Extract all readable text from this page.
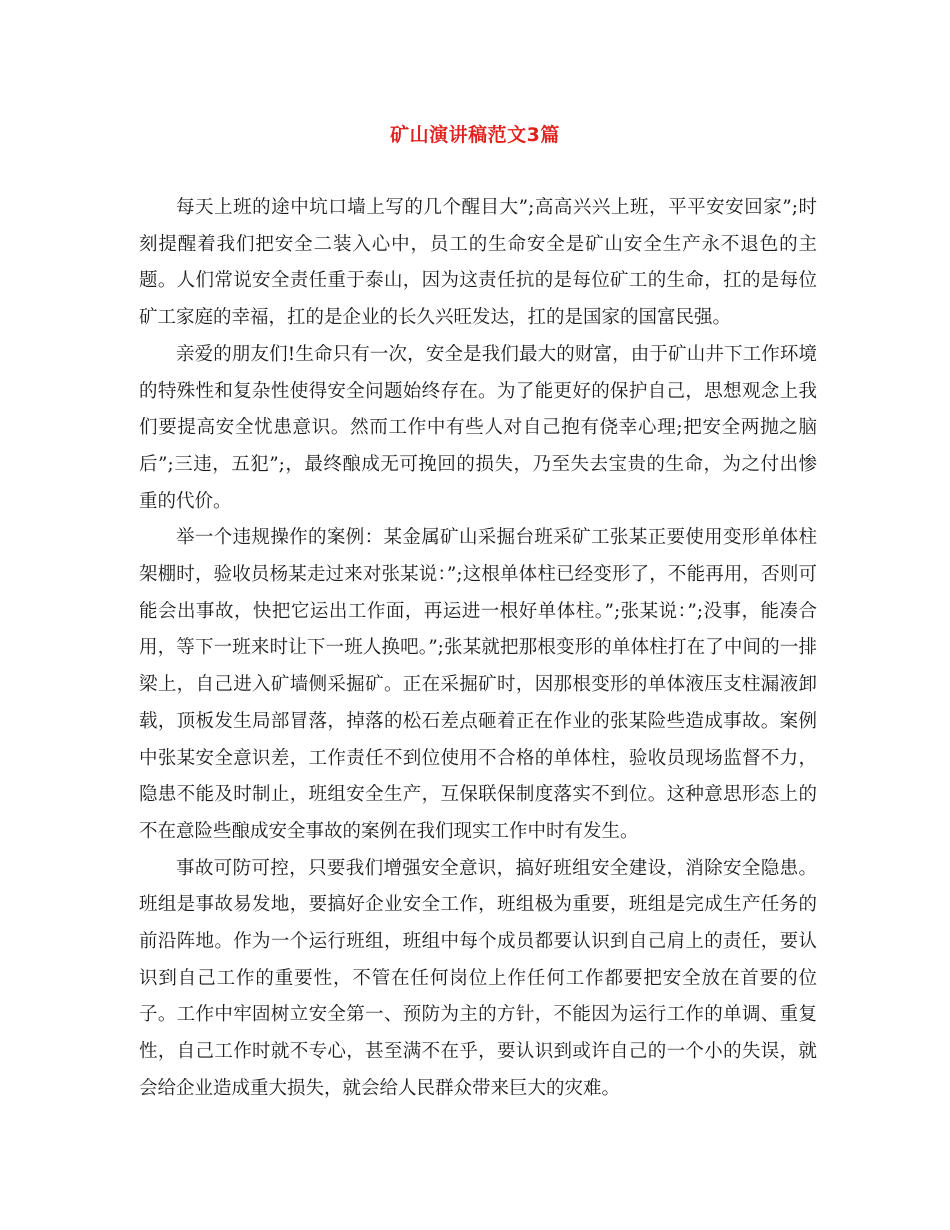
矿山演讲稿范文3篇

每天上班的途中坑口墙上写的几个醒目大”;高高兴兴上班，平平安安回家”;时刻提醒着我们把安全二装入心中，员工的生命安全是矿山安全生产永不退色的主题。人们常说安全责任重于泰山，因为这责任抗的是每位矿工的生命，扛的是每位矿工家庭的幸福，扛的是企业的长久兴旺发达，扛的是国家的国富民强。

亲爱的朋友们!生命只有一次，安全是我们最大的财富，由于矿山井下工作环境的特殊性和复杂性使得安全问题始终存在。为了能更好的保护自己，思想观念上我们要提高安全忧患意识。然而工作中有些人对自己抱有侥幸心理;把安全两抛之脑后”;三违，五犯”;，最终酿成无可挽回的损失，乃至失去宝贵的生命，为之付出惨重的代价。

举一个违规操作的案例：某金属矿山采掘台班采矿工张某正要使用变形单体柱架棚时，验收员杨某走过来对张某说：”;这根单体柱已经变形了，不能再用，否则可能会出事故，快把它运出工作面，再运进一根好单体柱。”;张某说：”;没事，能凑合用，等下一班来时让下一班人换吧。”;张某就把那根变形的单体柱打在了中间的一排梁上，自己进入矿墙侧采掘矿。正在采掘矿时，因那根变形的单体液压支柱漏液卸载，顶板发生局部冒落，掉落的松石差点砸着正在作业的张某险些造成事故。案例中张某安全意识差，工作责任不到位使用不合格的单体柱，验收员现场监督不力，隐患不能及时制止，班组安全生产，互保联保制度落实不到位。这种意思形态上的不在意险些酿成安全事故的案例在我们现实工作中时有发生。

事故可防可控，只要我们增强安全意识，搞好班组安全建设，消除安全隐患。班组是事故易发地，要搞好企业安全工作，班组极为重要，班组是完成生产任务的前沿阵地。作为一个运行班组，班组中每个成员都要认识到自己肩上的责任，要认识到自己工作的重要性，不管在任何岗位上作任何工作都要把安全放在首要的位子。工作中牢固树立安全第一、预防为主的方针，不能因为运行工作的单调、重复性，自己工作时就不专心，甚至满不在乎，要认识到或许自己的一个小的失误，就会给企业造成重大损失，就会给人民群众带来巨大的灾难。
